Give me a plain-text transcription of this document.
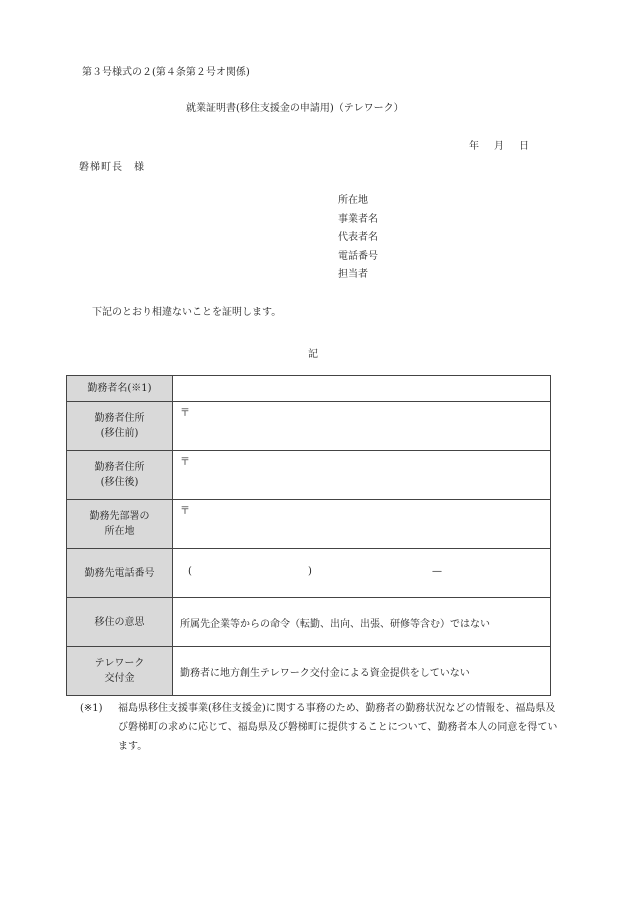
第３号様式の２(第４条第２号オ関係)
就業証明書(移住支援金の申請用)（テレワーク）
年 月 日
磐梯町長　様
所在地
事業者名
代表者名
電話番号
担当者
下記のとおり相違ないことを証明します。
記
勤務者名(※1)	

勤務者住所
(移住前)	〒

勤務者住所
(移住後)	〒

勤務先部署の
所在地	〒
勤務先電話番号	( ) —

移住の意思	所属先企業等からの命令（転勤、出向、出張、研修等含む）ではない

テレワーク
交付金	勤務者に地方創生テレワーク交付金による資金提供をしていない
(※1) 福島県移住支援事業(移住支援金)に関する事務のため、勤務者の勤務状況などの情報を、福島県及び磐梯町の求めに応じて、福島県及び磐梯町に提供することについて、勤務者本人の同意を得ています。
